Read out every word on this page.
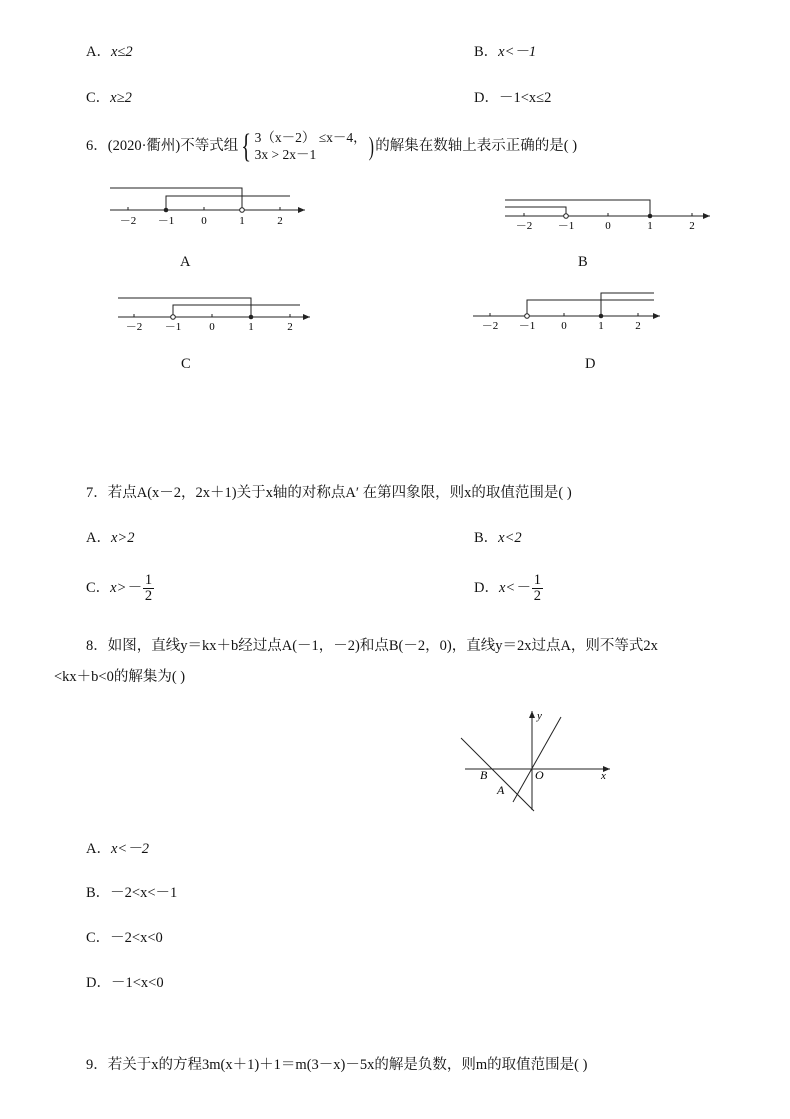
A．x≤2	B．x<－1
C．x≥2	D．－1<x≤2
6．(2020·衢州)不等式组{ 3（x－2） ≤x－4，
3x > 2x－1	) 的解集在数轴上表示正确的是( )
－2 －1 0	1	2
A
－2 －1	0	1	2
B
－2 －1	0	1	2
C
－2 －1 0	1	2
D
7．若点A(x－2，2x＋1)关于x轴的对称点A′ 在第四象限，则x的取值范围是( )
A．x>2	B．x<2
C．$x>- \frac{1}{2}$	D．$x<- \frac{1}{2}$
8．如图，直线y＝kx＋b经过点A(－1，－2)和点B(－2，0)，直线y＝2x过点A，则不等式2x
<kx＋b<0的解集为( )
y
x
B	O
A
A．x<－2
B．－2<x<－1
C．－2<x<0
D．－1<x<0
9．若关于x的方程3m(x＋1)＋1＝m(3－x)－5x的解是负数，则m的取值范围是( )
